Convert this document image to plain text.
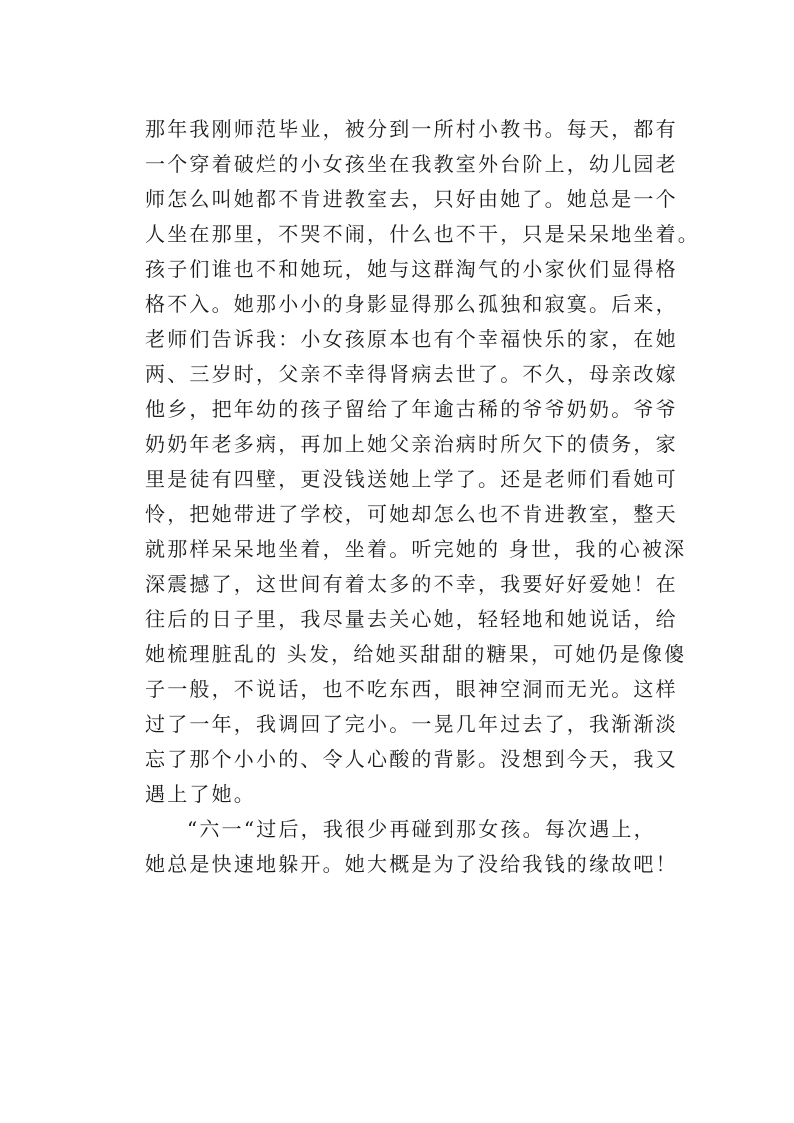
那年我刚师范毕业，被分到一所村小教书。每天，都有
一个穿着破烂的小女孩坐在我教室外台阶上，幼儿园老
师怎么叫她都不肯进教室去，只好由她了。她总是一个
人坐在那里，不哭不闹，什么也不干，只是呆呆地坐着。
孩子们谁也不和她玩，她与这群淘气的小家伙们显得格
格不入。她那小小的身影显得那么孤独和寂寞。后来，
老师们告诉我：小女孩原本也有个幸福快乐的家，在她
两、三岁时，父亲不幸得肾病去世了。不久，母亲改嫁
他乡，把年幼的孩子留给了年逾古稀的爷爷奶奶。爷爷
奶奶年老多病，再加上她父亲治病时所欠下的债务，家
里是徒有四壁，更没钱送她上学了。还是老师们看她可
怜，把她带进了学校，可她却怎么也不肯进教室，整天
就那样呆呆地坐着，坐着。听完她的 身世，我的心被深
深震撼了，这世间有着太多的不幸，我要好好爱她！在
往后的日子里，我尽量去关心她，轻轻地和她说话，给
她梳理脏乱的 头发，给她买甜甜的糖果，可她仍是像傻
子一般，不说话，也不吃东西，眼神空洞而无光。这样
过了一年，我调回了完小。一晃几年过去了，我渐渐淡
忘了那个小小的、令人心酸的背影。没想到今天，我又
遇上了她。
“六一“过后，我很少再碰到那女孩。每次遇上，
她总是快速地躲开。她大概是为了没给我钱的缘故吧！
